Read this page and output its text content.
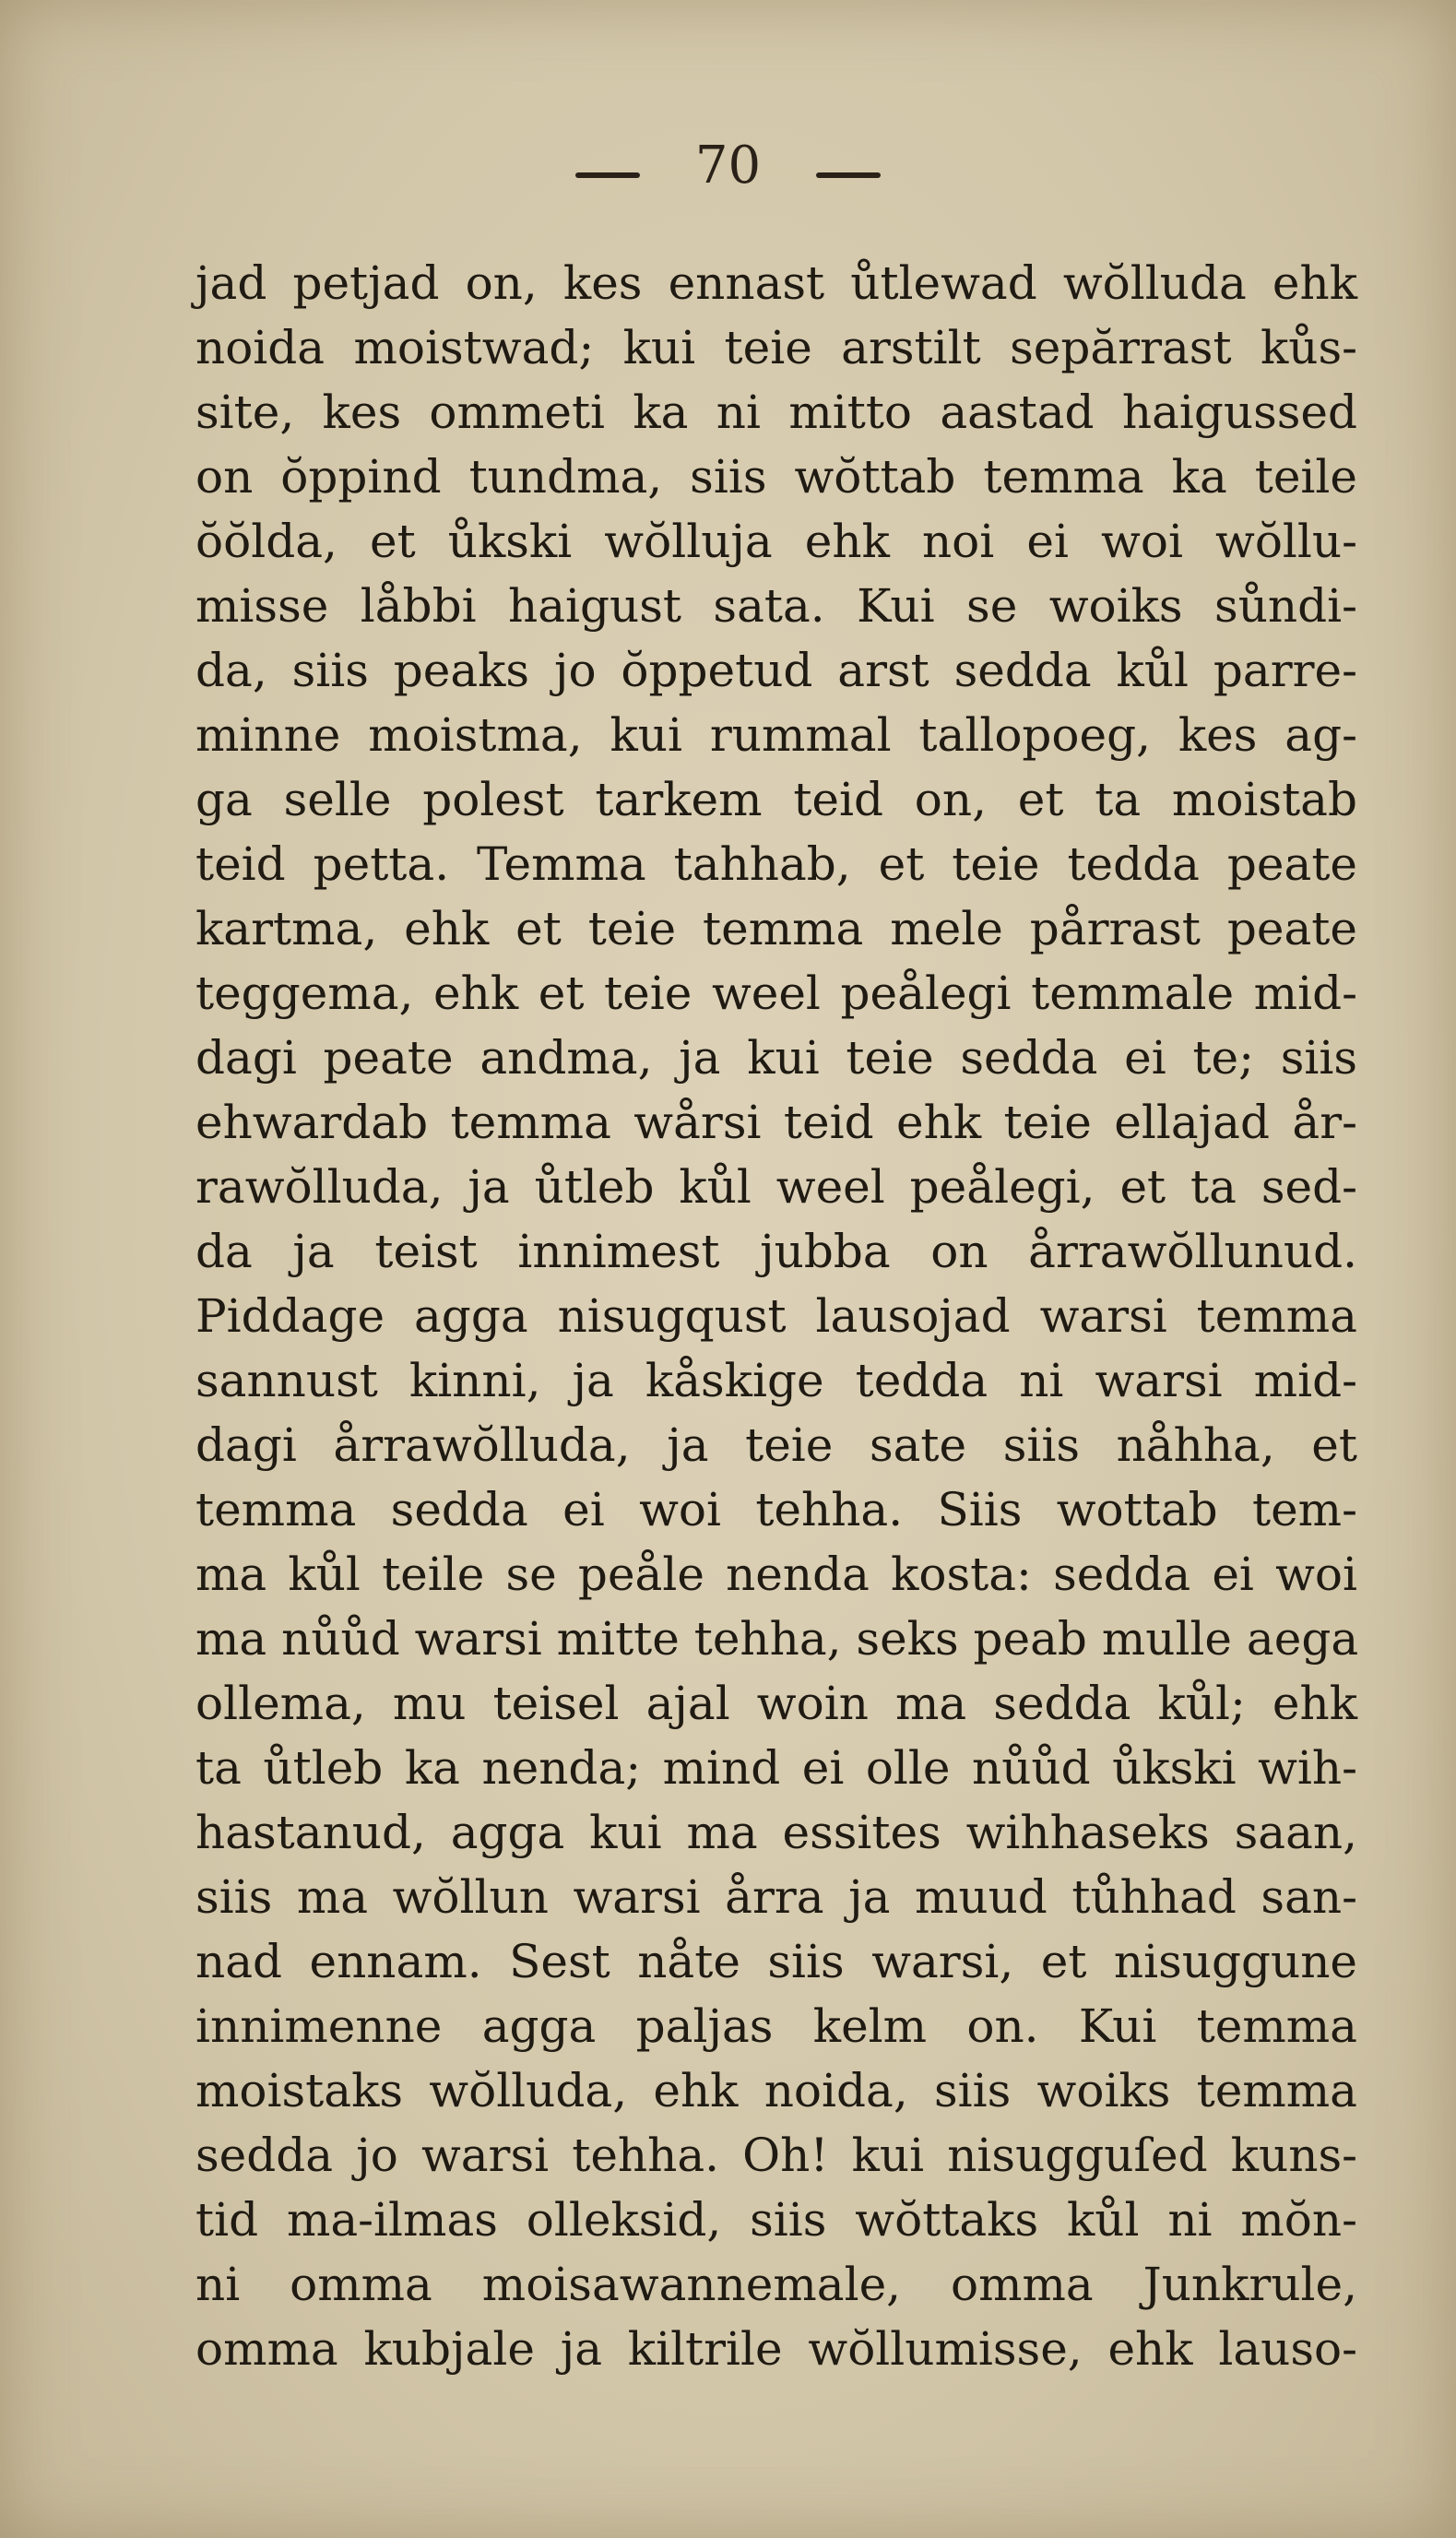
70
jad petjad on, kes ennast ůtlewad wŏlluda ehk
noida moistwad; kui teie arstilt sepărrast kůs-
site, kes ommeti ka ni mitto aastad haigussed
on ŏppind tundma, siis wŏttab temma ka teile
ŏŏlda, et ůkski wŏlluja ehk noi ei woi wŏllu-
misse låbbi haigust sata. Kui se woiks sůndi-
da, siis peaks jo ŏppetud arst sedda kůl parre-
minne moistma, kui rummal tallopoeg, kes ag-
ga selle polest tarkem teid on, et ta moistab
teid petta. Temma tahhab, et teie tedda peate
kartma, ehk et teie temma mele pårrast peate
teggema, ehk et teie weel peålegi temmale mid-
dagi peate andma, ja kui teie sedda ei te; siis
ehwardab temma wårsi teid ehk teie ellajad år-
rawŏlluda, ja ůtleb kůl weel peålegi, et ta sed-
da ja teist innimest jubba on årrawŏllunud.
Piddage agga nisugqust lausojad warsi temma
sannust kinni, ja kåskige tedda ni warsi mid-
dagi årrawŏlluda, ja teie sate siis nåhha, et
temma sedda ei woi tehha. Siis wottab tem-
ma kůl teile se peåle nenda kosta: sedda ei woi
ma nůůd warsi mitte tehha, seks peab mulle aega
ollema, mu teisel ajal woin ma sedda kůl; ehk
ta ůtleb ka nenda; mind ei olle nůůd ůkski wih-
hastanud, agga kui ma essites wihhaseks saan,
siis ma wŏllun warsi årra ja muud tůhhad san-
nad ennam. Sest nåte siis warsi, et nisuggune
innimenne agga paljas kelm on. Kui temma
moistaks wŏlluda, ehk noida, siis woiks temma
sedda jo warsi tehha. Oh! kui nisugguſed kuns-
tid ma-ilmas olleksid, siis wŏttaks kůl ni mŏn-
ni omma moisawannemale, omma Junkrule,
omma kubjale ja kiltrile wŏllumisse, ehk lauso-
